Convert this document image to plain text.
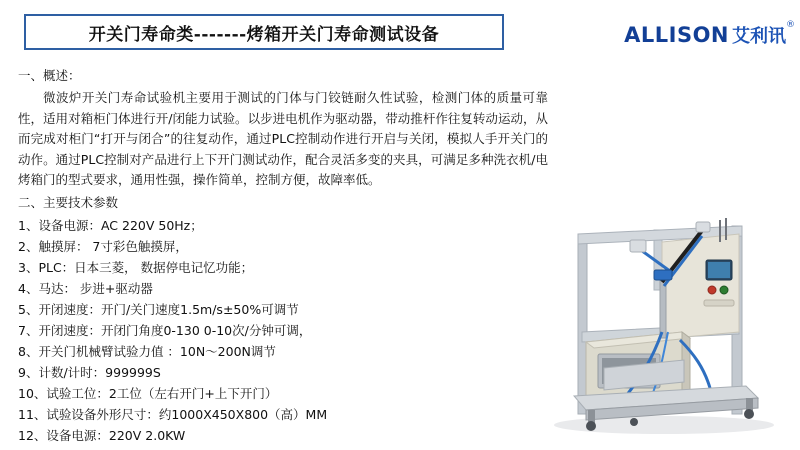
开关门寿命类-------烤箱开关门寿命测试设备	ALLISON 艾利讯
®

一、概述：

微波炉开关门寿命试验机主要用于测试的门体与门铰链耐久性试验，检测门体的质量可靠性，适用对箱柜门体进行开/闭能力试验。以步进电机作为驱动器，带动推杆作往复转动运动，从而完成对柜门“打开与闭合”的往复动作，通过PLC控制动作进行开启与关闭，模拟人手开关门的动作。通过PLC控制对产品进行上下开门测试动作，配合灵活多变的夹具，可满足多种洗衣机/电烤箱门的型式要求，通用性强，操作简单，控制方便，故障率低。

二、主要技术参数

1、设备电源：AC 220V 50Hz；
2、触摸屏： 7寸彩色触摸屏，
3、PLC：日本三菱， 数据停电记忆功能；
4、马达： 步进+驱动器
5、开闭速度：开门/关门速度1.5m/s±50%可调节
7、开闭速度：开闭门角度0-130 0-10次/分钟可调，
8、开关门机械臂试验力值 ：10N～200N调节
9、计数/计时：999999S
10、试验工位：2工位（左右开门+上下开门）
11、试验设备外形尺寸：约1000X450X800（高）MM
12、设备电源：220V 2.0KW
